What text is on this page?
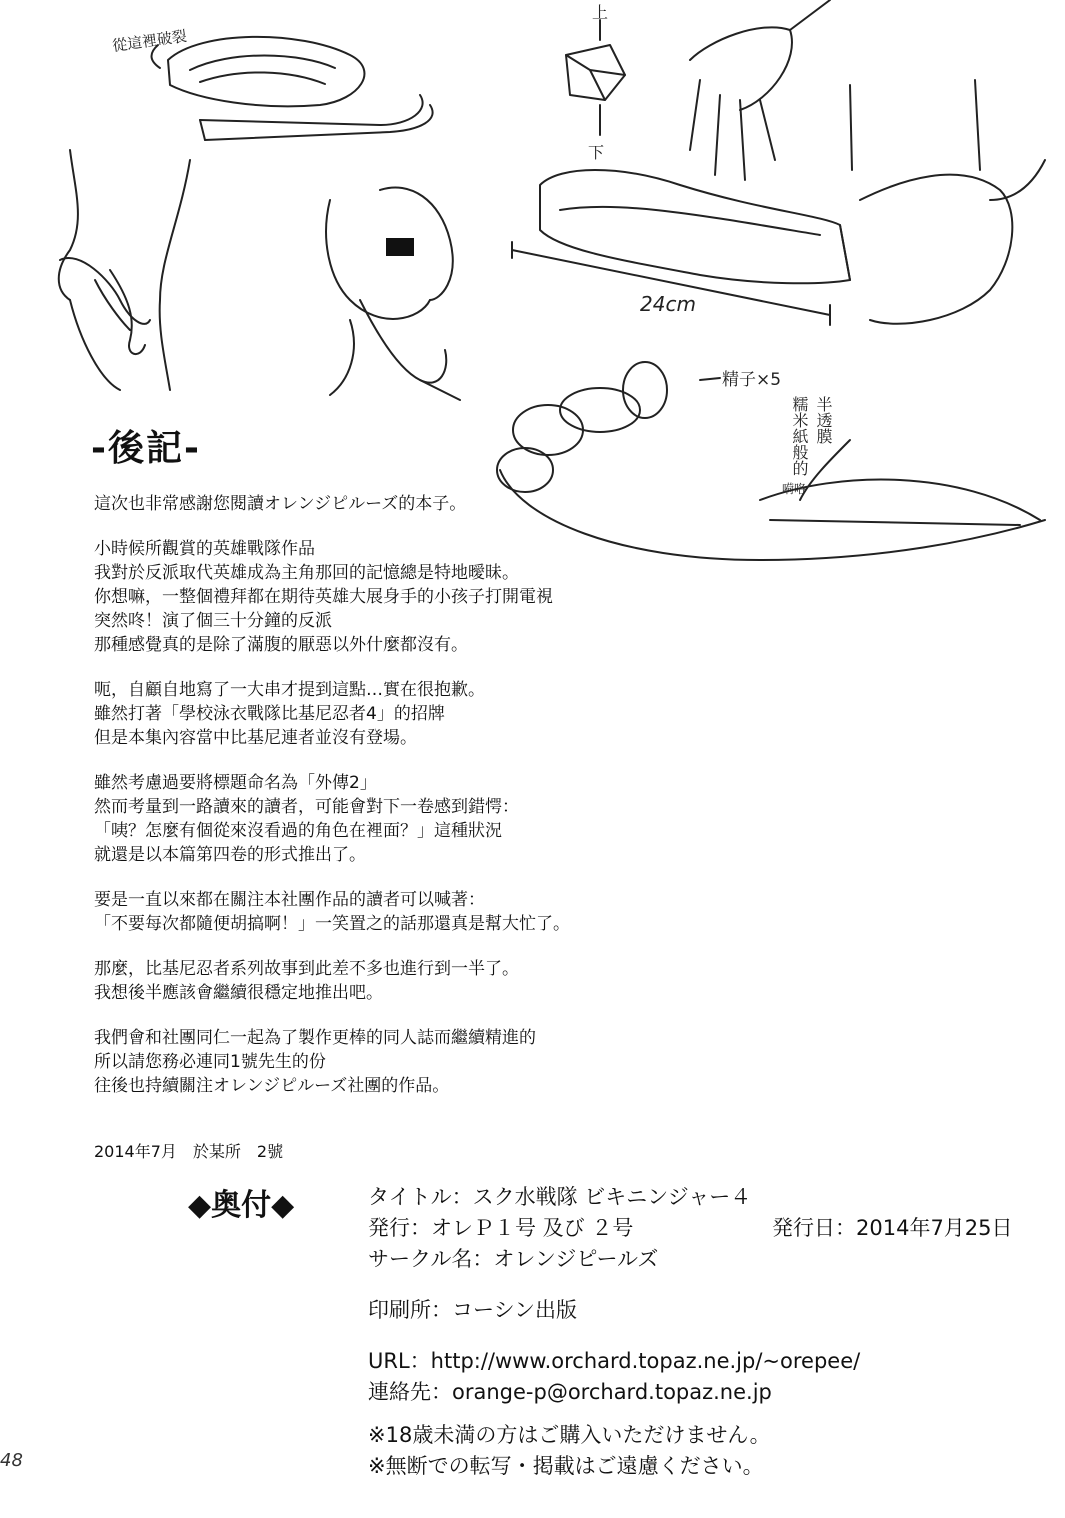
從這裡破裂
上
下
24cm
精子×5
糯米紙般的 半透膜
嗬咯
-後記-
這次也非常感謝您閱讀オレンジピルーズ的本子。
小時候所觀賞的英雄戰隊作品
我對於反派取代英雄成為主角那回的記憶總是特地曖昧。
你想嘛，一整個禮拜都在期待英雄大展身手的小孩子打開電視
突然咚！演了個三十分鐘的反派
那種感覺真的是除了滿腹的厭惡以外什麼都沒有。
呃，自顧自地寫了一大串才提到這點…實在很抱歉。
雖然打著「學校泳衣戰隊比基尼忍者4」的招牌
但是本集內容當中比基尼連者並沒有登場。
雖然考慮過要將標題命名為「外傳2」
然而考量到一路讀來的讀者，可能會對下一卷感到錯愕：
「咦？怎麼有個從來沒看過的角色在裡面？」這種狀況
就還是以本篇第四卷的形式推出了。
要是一直以來都在關注本社團作品的讀者可以喊著：
「不要每次都隨便胡搞啊！」一笑置之的話那還真是幫大忙了。
那麼，比基尼忍者系列故事到此差不多也進行到一半了。
我想後半應該會繼續很穩定地推出吧。
我們會和社團同仁一起為了製作更棒的同人誌而繼續精進的
所以請您務必連同1號先生的份
往後也持續關注オレンジピルーズ社團的作品。
2014年7月　於某所　2號
◆奥付◆	タイトル：スク水戦隊 ビキニンジャー４
発行：オレＰ１号 及び ２号	発行日：2014年7月25日
サークル名：オレンジピールズ
印刷所：コーシン出版
URL：http://www.orchard.topaz.ne.jp/~orepee/
連絡先：orange-p@orchard.topaz.ne.jp
※18歳未満の方はご購入いただけません。
※無断での転写・掲載はご遠慮ください。
48
